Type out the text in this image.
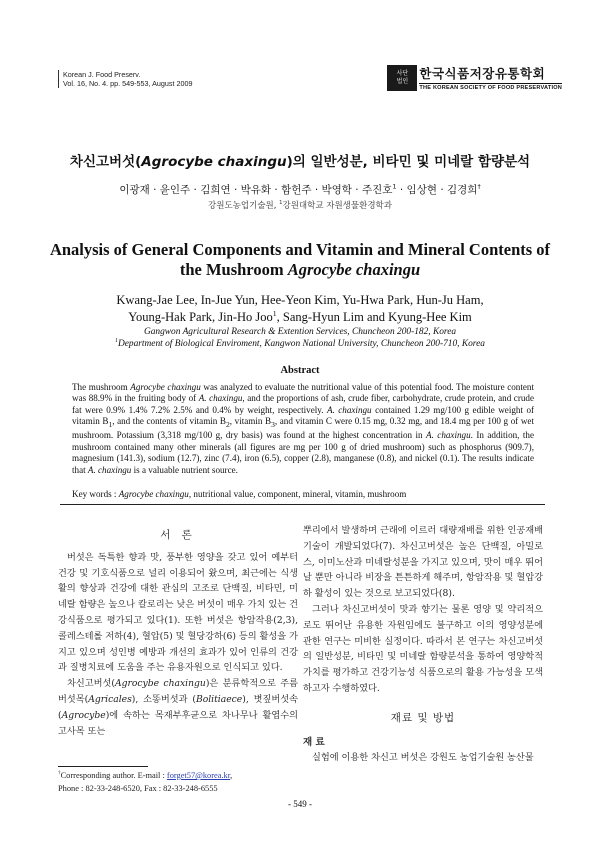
Korean J. Food Preserv.
Vol. 16, No. 4. pp. 549-553, August 2009
사단 법인
한국식품저장유통학회
THE KOREAN SOCIETY OF FOOD PRESERVATION
차신고버섯(Agrocybe chaxingu)의 일반성분, 비타민 및 미네랄 함량분석
이광재 · 윤인주 · 김희연 · 박유화 · 함헌주 · 박영학 · 주진호$^1$ · 임상현 · 김경희†
강원도농업기술원, $^1$강원대학교 자원생물환경학과
Analysis of General Components and Vitamin and Mineral Contents of
the Mushroom Agrocybe chaxingu
Kwang-Jae Lee, In-Jue Yun, Hee-Yeon Kim, Yu-Hwa Park, Hun-Ju Ham,
Young-Hak Park, Jin-Ho Joo$^1$, Sang-Hyun Lim and Kyung-Hee Kim
Gangwon Agricultural Research & Extention Services, Chuncheon 200-182, Korea
$^1$Department of Biological Enviroment, Kangwon National University, Chuncheon 200-710, Korea
Abstract
The mushroom Agrocybe chaxingu was analyzed to evaluate the nutritional value of this potential food. The moisture content was 88.9% in the fruiting body of A. chaxingu, and the proportions of ash, crude fiber, carbohydrate, crude protein, and crude fat were 0.9% 1.4% 7.2% 2.5% and 0.4% by weight, respectively. A. chaxingu contained 1.29 mg/100 g edible weight of vitamin $B_1$, and the contents of vitamin $B_2$, vitamin $B_3$, and vitamin C were 0.15 mg, 0.32 mg, and 18.4 mg per 100 g of wet mushroom. Potassium (3,318 mg/100 g, dry basis) was found at the highest concentration in A. chaxingu. In addition, the mushroom contained many other minerals (all figures are mg per 100 g of dried mushroom) such as phosphorus (909.7), magnesium (141.3), sodium (12.7), zinc (7.4), iron (6.5), copper (2.8), manganese (0.8), and nickel (0.1). The results indicate that A. chaxingu is a valuable nutrient source.
Key words : Agrocybe chaxingu, nutritional value, component, mineral, vitamin, mushroom
서 론

버섯은 독특한 향과 맛, 풍부한 영양을 갖고 있어 예부터 건강 및 기호식품으로 널리 이용되어 왔으며, 최근에는 식생활의 향상과 건강에 대한 관심의 고조로 단백질, 비타민, 미네랄 함량은 높으나 칼로리는 낮은 버섯이 매우 가치 있는 건강식품으로 평가되고 있다(1). 또한 버섯은 항암작용(2,3), 콜레스테롤 저하(4), 혈압(5) 및 혈당강하(6) 등의 활성을 가지고 있으며 성인병 예방과 개선의 효과가 있어 인류의 건강과 질병치료에 도움을 주는 유용자원으로 인식되고 있다.

차신고버섯(Agrocybe chaxingu)은 분류학적으로 주름버섯목(Agricales), 소똥버섯과 (Bolitiaece), 볏짚버섯속(Agrocybe)에 속하는 목재부후균으로 차나무나 활엽수의 고사목 또는

뿌리에서 발생하며 근래에 이르러 대량재배를 위한 인공재배기술이 개발되었다(7). 차신고버섯은 높은 단백질, 아밀로스, 이미노산과 미네랄성분을 가지고 있으며, 맛이 매우 뛰어날 뿐만 아니라 비장을 튼튼하게 해주며, 항암작용 및 혈압강하 활성이 있는 것으로 보고되었다(8).

그러나 차신고버섯이 맛과 향기는 물론 영양 및 약리적으로도 뛰어난 유용한 자원임에도 불구하고 이의 영양성분에 관한 연구는 미비한 실정이다. 따라서 본 연구는 차신고버섯의 일반성분, 비타민 및 미네랄 함량분석을 통하여 영양학적 가치를 평가하고 건강기능성 식품으로의 활용 가능성을 모색하고자 수행하였다.

재료 및 방법
재 료

실험에 이용한 차신고 버섯은 강원도 농업기술원 농산물

†Corresponding author. E-mail : forget57@korea.kr,
Phone : 82-33-248-6520, Fax : 82-33-248-6555
- 549 -
